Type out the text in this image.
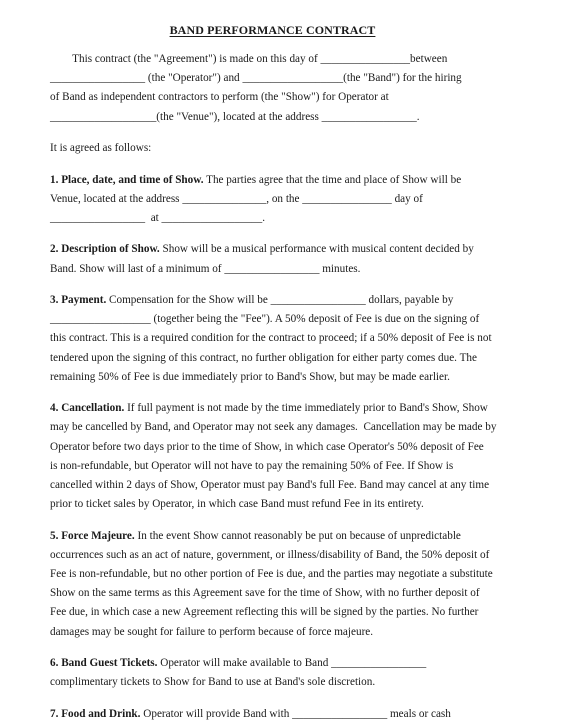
BAND PERFORMANCE CONTRACT
This contract (the "Agreement") is made on this day of ________________between
_________________ (the "Operator") and __________________(the "Band") for the hiring
of Band as independent contractors to perform (the "Show") for Operator at
___________________(the "Venue"), located at the address _________________.
It is agreed as follows:
1. Place, date, and time of Show. The parties agree that the time and place of Show will be
Venue, located at the address _______________, on the ________________ day of
_________________  at __________________.
2. Description of Show. Show will be a musical performance with musical content decided by
Band. Show will last of a minimum of _________________ minutes.
3. Payment. Compensation for the Show will be _________________ dollars, payable by
__________________ (together being the "Fee"). A 50% deposit of Fee is due on the signing of
this contract. This is a required condition for the contract to proceed; if a 50% deposit of Fee is not
tendered upon the signing of this contract, no further obligation for either party comes due. The
remaining 50% of Fee is due immediately prior to Band's Show, but may be made earlier.
4. Cancellation. If full payment is not made by the time immediately prior to Band's Show, Show
may be cancelled by Band, and Operator may not seek any damages.  Cancellation may be made by
Operator before two days prior to the time of Show, in which case Operator's 50% deposit of Fee
is non-refundable, but Operator will not have to pay the remaining 50% of Fee. If Show is
cancelled within 2 days of Show, Operator must pay Band's full Fee. Band may cancel at any time
prior to ticket sales by Operator, in which case Band must refund Fee in its entirety.
5. Force Majeure. In the event Show cannot reasonably be put on because of unpredictable
occurrences such as an act of nature, government, or illness/disability of Band, the 50% deposit of
Fee is non-refundable, but no other portion of Fee is due, and the parties may negotiate a substitute
Show on the same terms as this Agreement save for the time of Show, with no further deposit of
Fee due, in which case a new Agreement reflecting this will be signed by the parties. No further
damages may be sought for failure to perform because of force majeure.
6. Band Guest Tickets. Operator will make available to Band _________________
complimentary tickets to Show for Band to use at Band's sole discretion.
7. Food and Drink. Operator will provide Band with _________________ meals or cash
